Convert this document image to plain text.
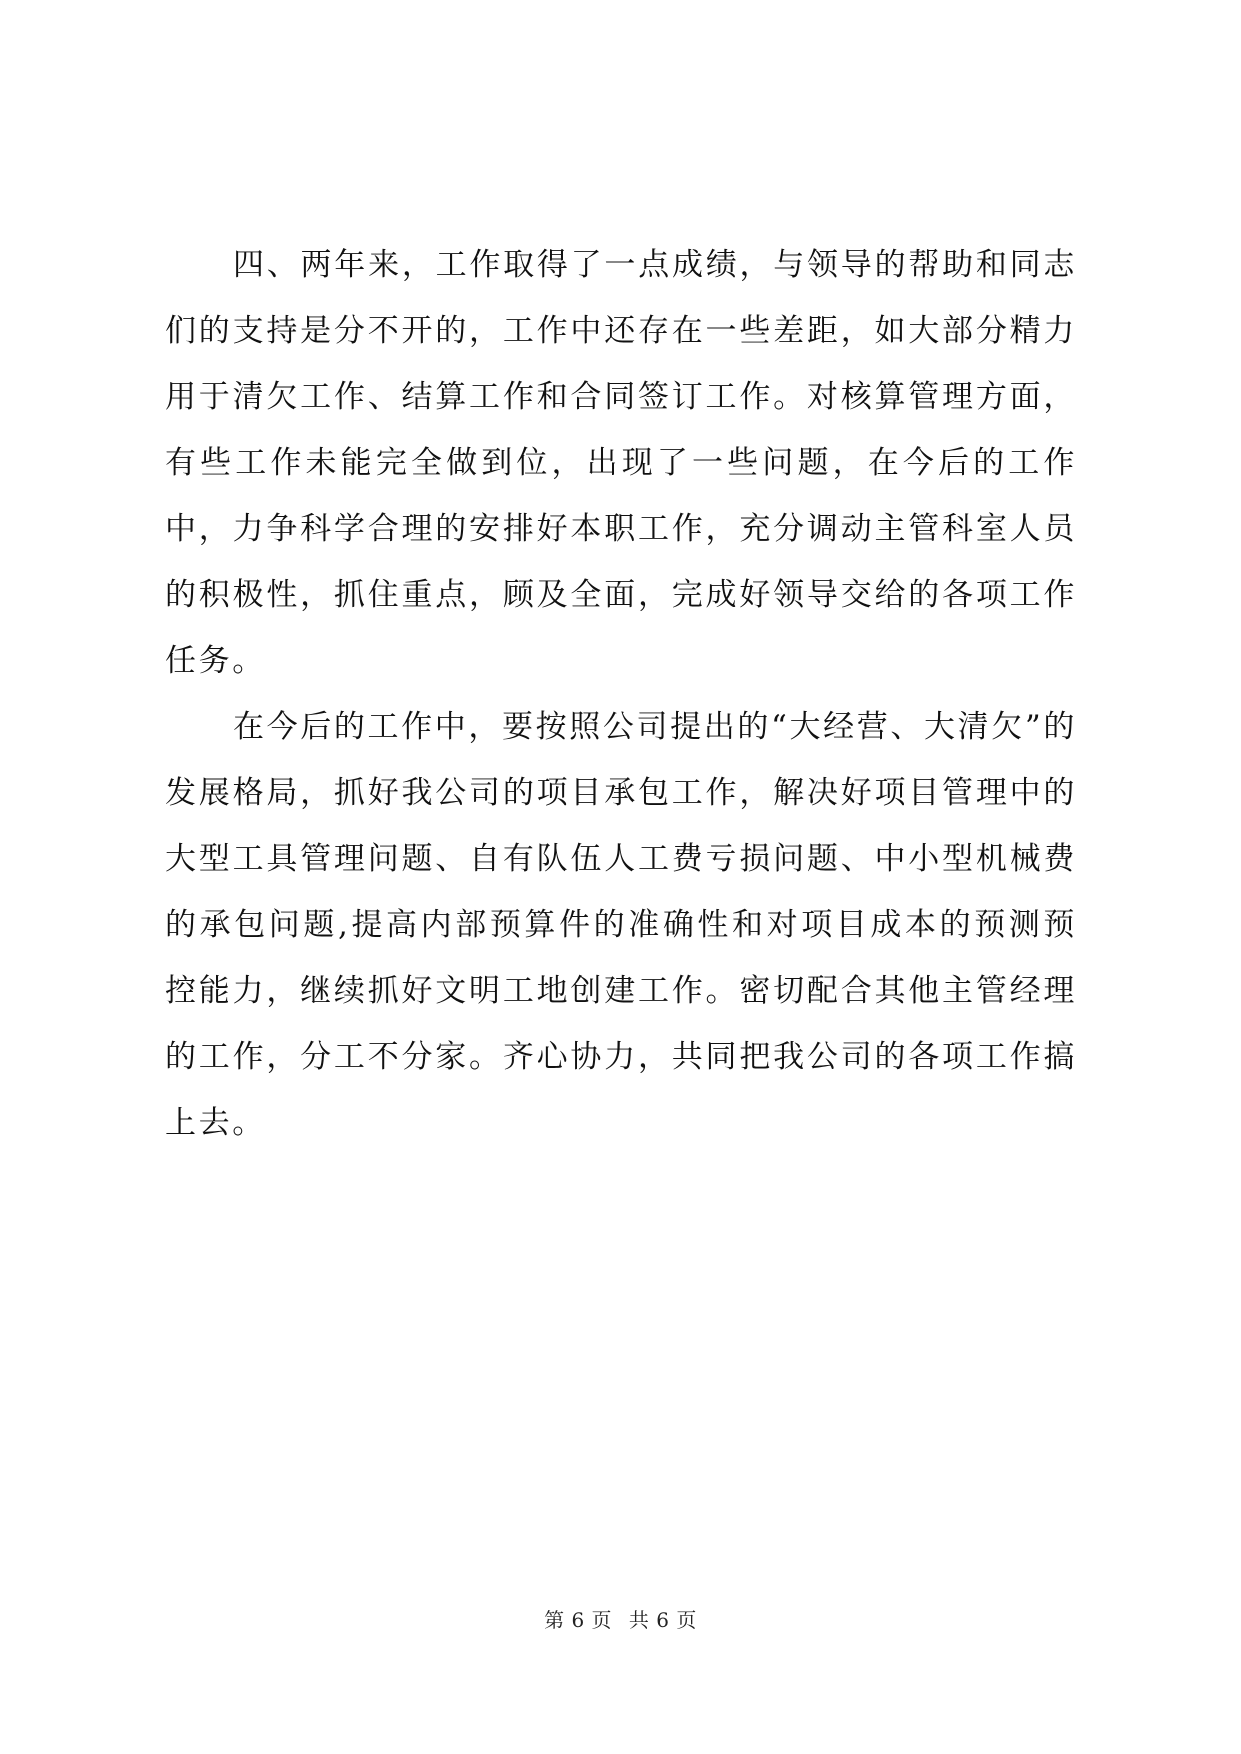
四、两年来，工作取得了一点成绩，与领导的帮助和同志们的支持是分不开的，工作中还存在一些差距，如大部分精力用于清欠工作、结算工作和合同签订工作。对核算管理方面，有些工作未能完全做到位，出现了一些问题，在今后的工作中，力争科学合理的安排好本职工作，充分调动主管科室人员的积极性，抓住重点，顾及全面，完成好领导交给的各项工作任务。

在今后的工作中，要按照公司提出的“大经营、大清欠”的发展格局，抓好我公司的项目承包工作，解决好项目管理中的大型工具管理问题、自有队伍人工费亏损问题、中小型机械费的承包问题,提高内部预算件的准确性和对项目成本的预测预控能力，继续抓好文明工地创建工作。密切配合其他主管经理的工作，分工不分家。齐心协力，共同把我公司的各项工作搞上去。

第 6 页 共 6 页
